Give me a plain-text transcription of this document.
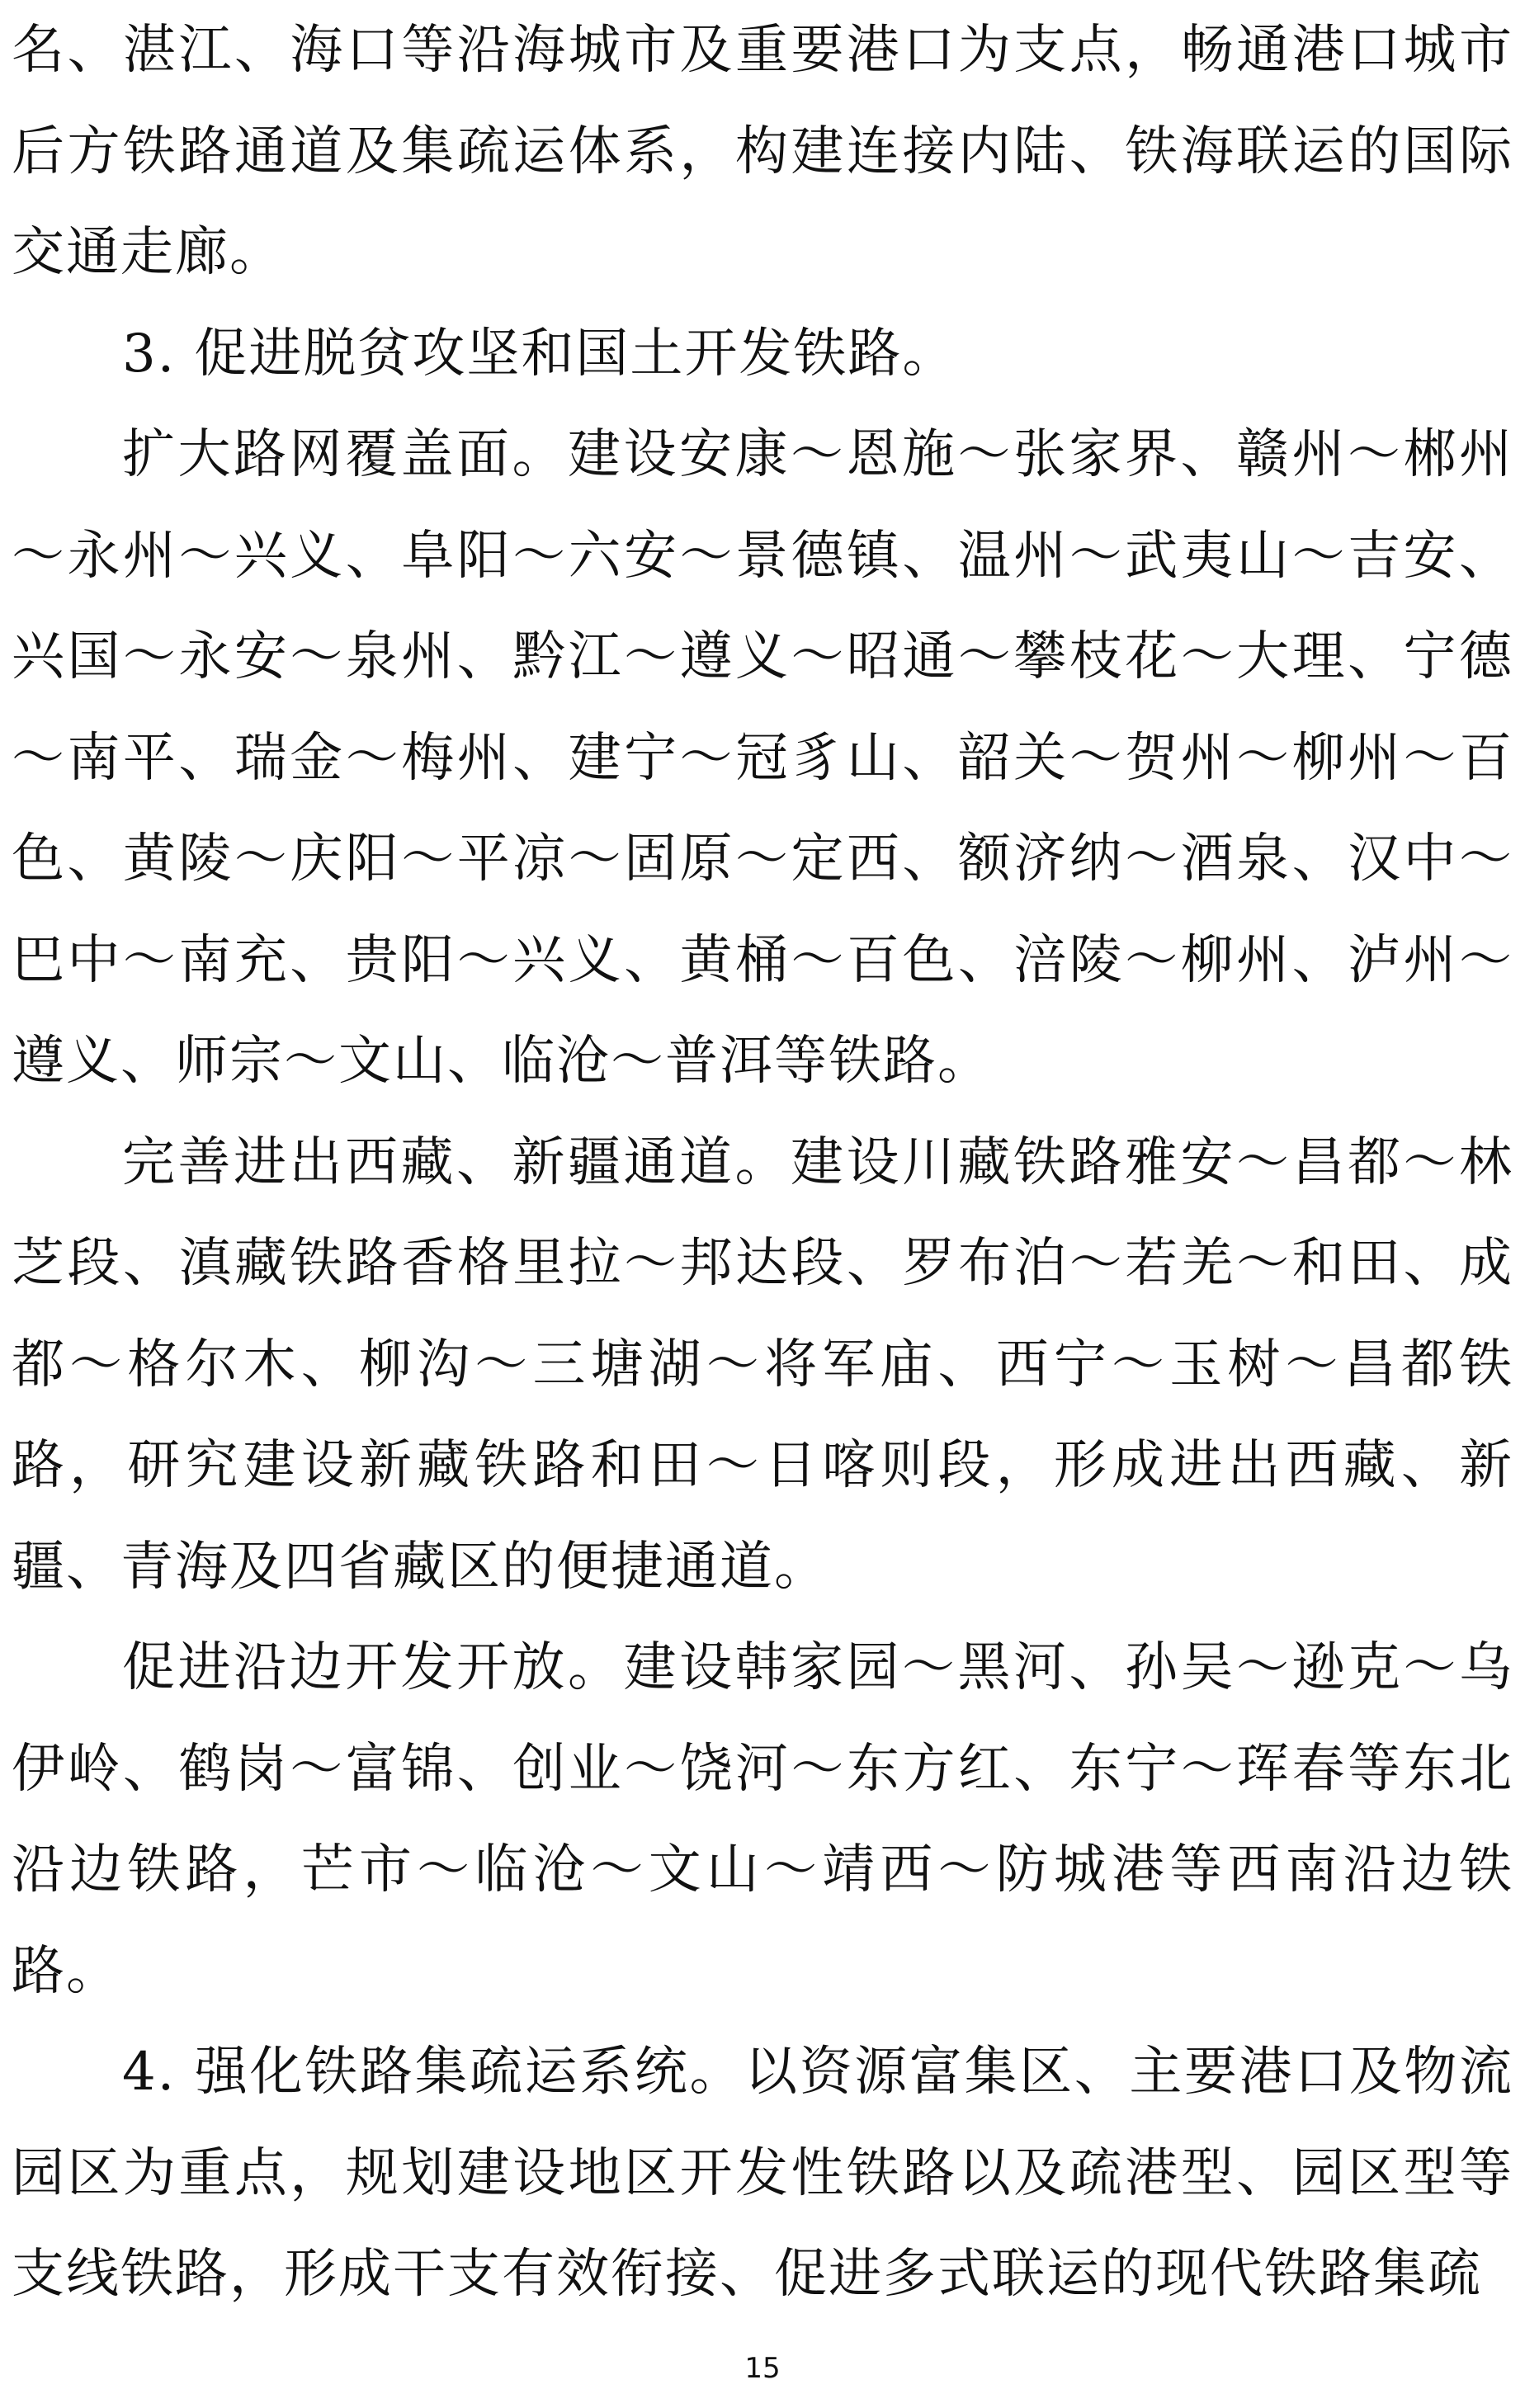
名、湛江、海口等沿海城市及重要港口为支点，畅通港口城市后方铁路通道及集疏运体系，构建连接内陆、铁海联运的国际交通走廊。

3. 促进脱贫攻坚和国土开发铁路。

扩大路网覆盖面。建设安康～恩施～张家界、赣州～郴州～永州～兴义、阜阳～六安～景德镇、温州～武夷山～吉安、兴国～永安～泉州、黔江～遵义～昭通～攀枝花～大理、宁德～南平、瑞金～梅州、建宁～冠豸山、韶关～贺州～柳州～百色、黄陵～庆阳～平凉～固原～定西、额济纳～酒泉、汉中～巴中～南充、贵阳～兴义、黄桶～百色、涪陵～柳州、泸州～遵义、师宗～文山、临沧～普洱等铁路。

完善进出西藏、新疆通道。建设川藏铁路雅安～昌都～林芝段、滇藏铁路香格里拉～邦达段、罗布泊～若羌～和田、成都～格尔木、柳沟～三塘湖～将军庙、西宁～玉树～昌都铁路，研究建设新藏铁路和田～日喀则段，形成进出西藏、新疆、青海及四省藏区的便捷通道。

促进沿边开发开放。建设韩家园～黑河、孙吴～逊克～乌伊岭、鹤岗～富锦、创业～饶河～东方红、东宁～珲春等东北沿边铁路，芒市～临沧～文山～靖西～防城港等西南沿边铁路。

4. 强化铁路集疏运系统。以资源富集区、主要港口及物流园区为重点，规划建设地区开发性铁路以及疏港型、园区型等支线铁路，形成干支有效衔接、促进多式联运的现代铁路集疏

15
